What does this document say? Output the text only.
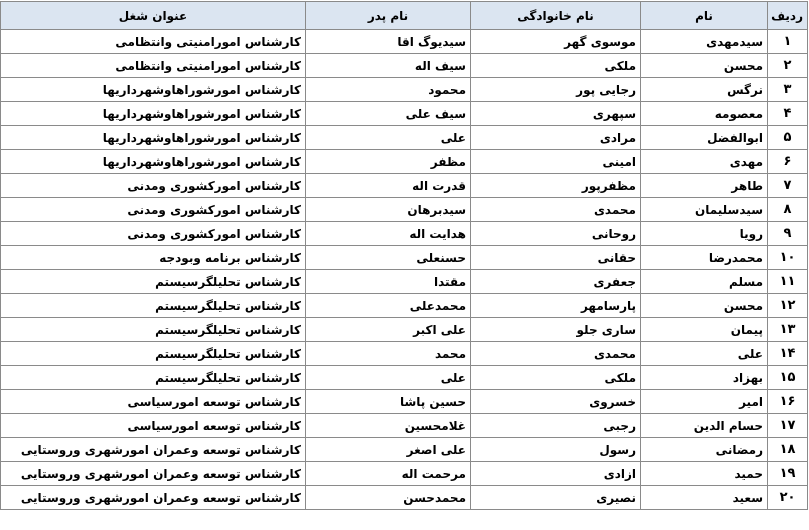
ردیف	نام	نام خانوادگی	نام پدر	عنوان شغل
۱	سیدمهدی	موسوی گهر	سیدیوگ اقا	کارشناس امورامنیتی وانتظامی
۲	محسن	ملکی	سیف اله	کارشناس امورامنیتی وانتظامی
۳	نرگس	رجایی پور	محمود	کارشناس امورشوراهاوشهرداریها
۴	معصومه	سپهری	سیف علی	کارشناس امورشوراهاوشهرداریها
۵	ابوالفضل	مرادی	علی	کارشناس امورشوراهاوشهرداریها
۶	مهدی	امینی	مظفر	کارشناس امورشوراهاوشهرداریها
۷	طاهر	مظفرپور	قدرت اله	کارشناس امورکشوری ومدنی
۸	سیدسلیمان	محمدی	سیدبرهان	کارشناس امورکشوری ومدنی
۹	رویا	روحانی	هدایت اله	کارشناس امورکشوری ومدنی
۱۰	محمدرضا	حقانی	حسنعلی	کارشناس برنامه وبودجه
۱۱	مسلم	جعفری	مقتدا	کارشناس تحلیلگرسیستم
۱۲	محسن	پارسامهر	محمدعلی	کارشناس تحلیلگرسیستم
۱۳	پیمان	ساری جلو	علی اکبر	کارشناس تحلیلگرسیستم
۱۴	علی	محمدی	محمد	کارشناس تحلیلگرسیستم
۱۵	بهزاد	ملکی	علی	کارشناس تحلیلگرسیستم
۱۶	امیر	خسروی	حسین پاشا	کارشناس توسعه امورسیاسی
۱۷	حسام الدین	رجبی	غلامحسین	کارشناس توسعه امورسیاسی
۱۸	رمضانی	رسول	علی اصغر	کارشناس توسعه وعمران امورشهری وروستایی
۱۹	حمید	ازادی	مرحمت اله	کارشناس توسعه وعمران امورشهری وروستایی
۲۰	سعید	نصیری	محمدحسن	کارشناس توسعه وعمران امورشهری وروستایی
